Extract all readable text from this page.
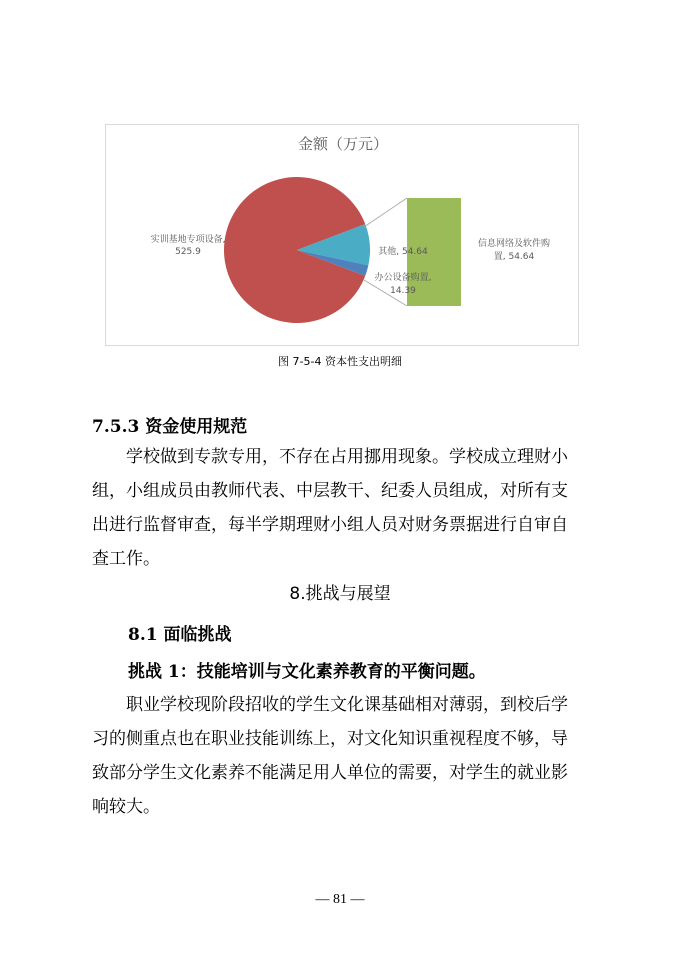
金额（万元）
实训基地专项设备,
525.9	其他, 54.64
办公设备购置,
14.39
信息网络及软件购
置, 54.64
图 7-5-4 资本性支出明细
7.5.3 资金使用规范
　　学校做到专款专用，不存在占用挪用现象。学校成立理财小
组，小组成员由教师代表、中层教干、纪委人员组成，对所有支
出进行监督审查，每半学期理财小组人员对财务票据进行自审自
查工作。
8.挑战与展望
8.1 面临挑战
挑战 1：技能培训与文化素养教育的平衡问题。
　　职业学校现阶段招收的学生文化课基础相对薄弱，到校后学
习的侧重点也在职业技能训练上，对文化知识重视程度不够，导
致部分学生文化素养不能满足用人单位的需要，对学生的就业影
响较大。
— 81 —
